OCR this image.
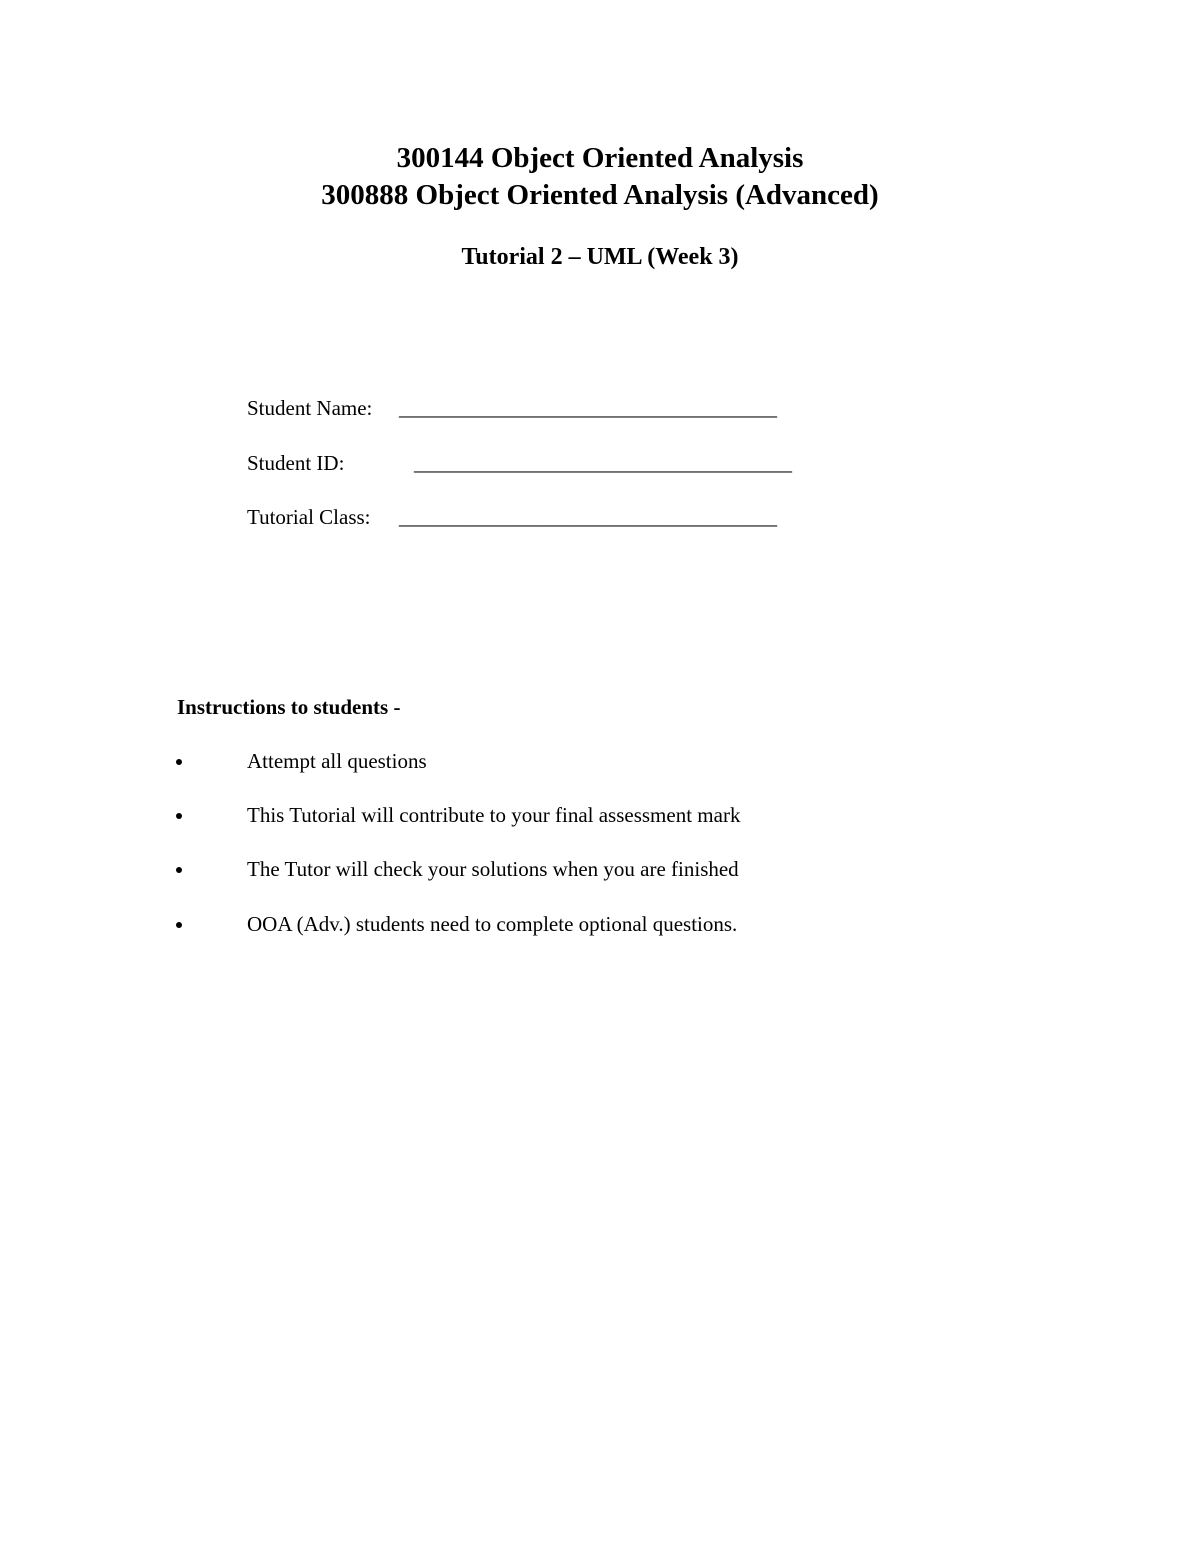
300144 Object Oriented Analysis
300888 Object Oriented Analysis (Advanced)
Tutorial 2 – UML (Week 3)
Student Name: ____________________________________
Student ID:	____________________________________
Tutorial Class: ____________________________________
Instructions to students -
Attempt all questions
This Tutorial will contribute to your final assessment mark
The Tutor will check your solutions when you are finished
OOA (Adv.) students need to complete optional questions.
